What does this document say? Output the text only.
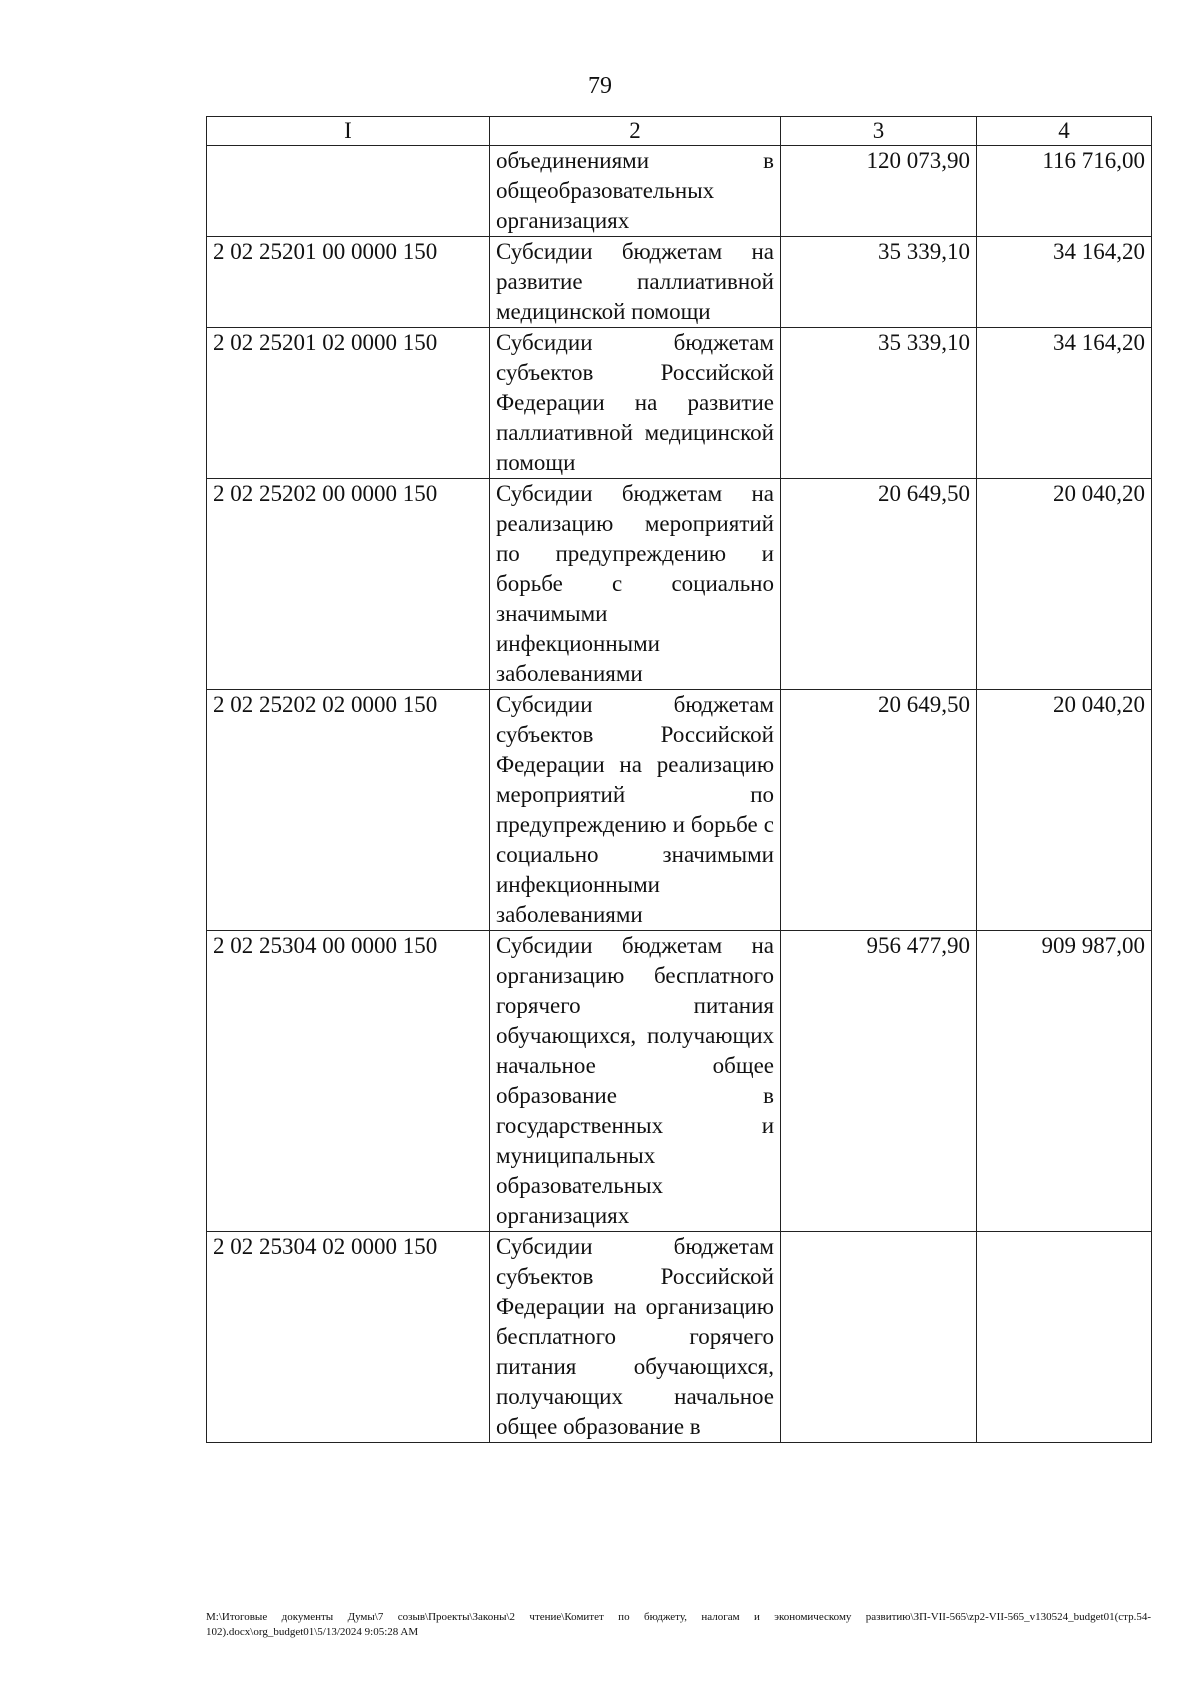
79
I	2	3	4
	объединениями в общеобразовательных организациях	120 073,90	116 716,00
2 02 25201 00 0000 150	Субсидии бюджетам на развитие паллиативной медицинской помощи	35 339,10	34 164,20
2 02 25201 02 0000 150	Субсидии бюджетам субъектов Российской Федерации на развитие паллиативной медицинской помощи	35 339,10	34 164,20
2 02 25202 00 0000 150	Субсидии бюджетам на реализацию мероприятий по предупреждению и борьбе с социально значимыми инфекционными заболеваниями	20 649,50	20 040,20
2 02 25202 02 0000 150	Субсидии бюджетам субъектов Российской Федерации на реализацию мероприятий по предупреждению и борьбе с социально значимыми инфекционными заболеваниями	20 649,50	20 040,20
2 02 25304 00 0000 150	Субсидии бюджетам на организацию бесплатного горячего питания обучающихся, получающих начальное общее образование в государственных и муниципальных образовательных организациях	956 477,90	909 987,00
2 02 25304 02 0000 150	Субсидии бюджетам субъектов Российской Федерации на организацию бесплатного горячего питания обучающихся, получающих начальное общее образование в		
M:\Итоговые документы Думы\7 созыв\Проекты\Законы\2 чтение\Комитет по бюджету, налогам и экономическому развитию\ЗП-VII-565\zp2-VII-565_v130524_budget01(стр.54-102).docx\org_budget01\5/13/2024 9:05:28 AM
